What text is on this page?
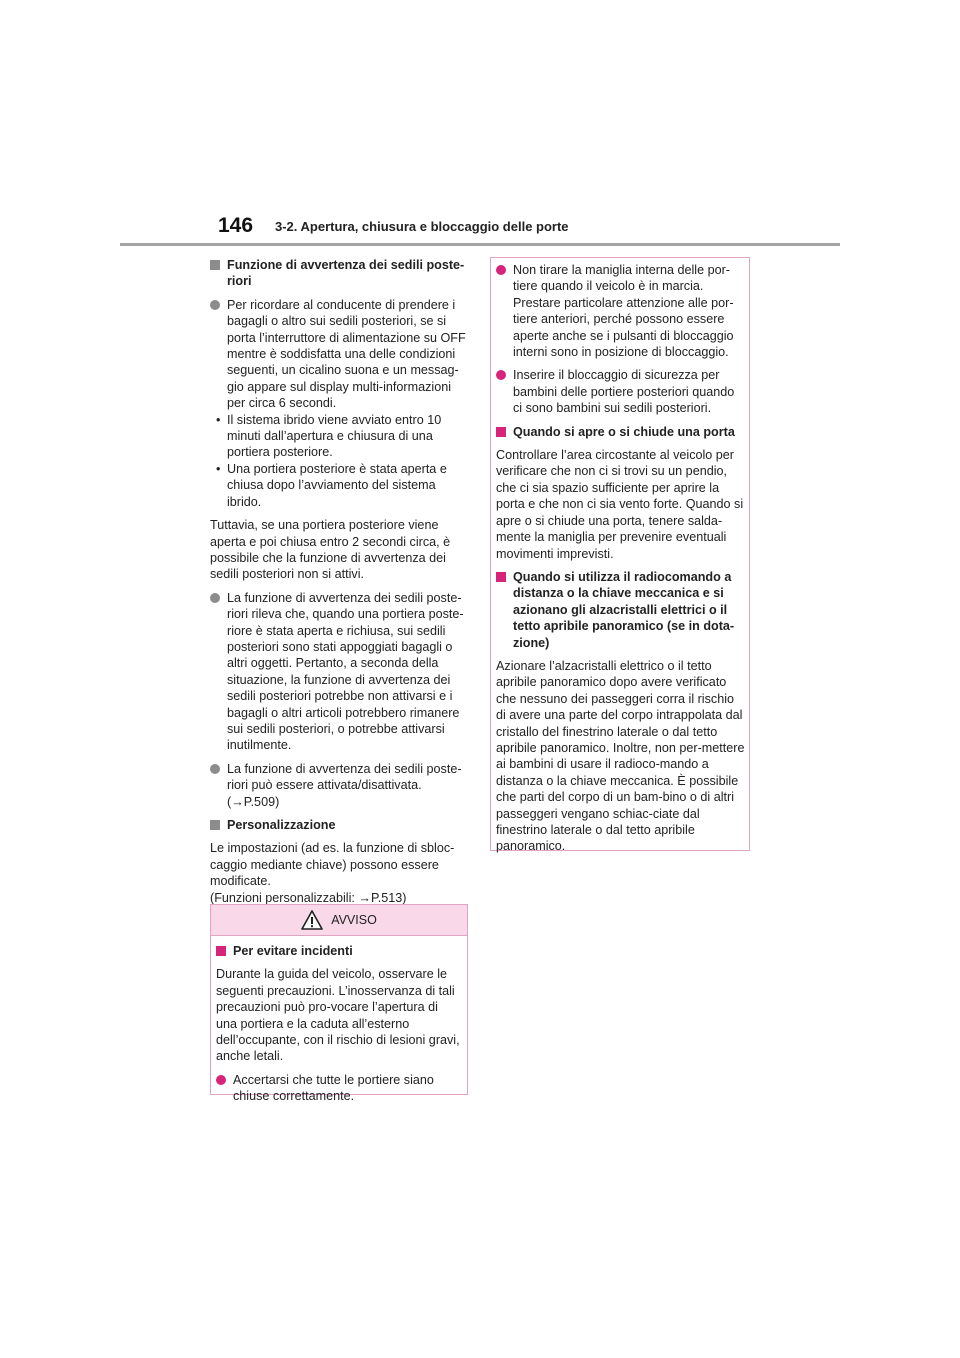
146 3-2. Apertura, chiusura e bloccaggio delle porte
Funzione di avvertenza dei sedili poste-riori
Per ricordare al conducente di prendere i bagagli o altro sui sedili posteriori, se si porta l’interruttore di alimentazione su OFF mentre è soddisfatta una delle condizioni seguenti, un cicalino suona e un messag-gio appare sul display multi-informazioni per circa 6 secondi.
• Il sistema ibrido viene avviato entro 10 minuti dall’apertura e chiusura di una portiera posteriore.
• Una portiera posteriore è stata aperta e chiusa dopo l’avviamento del sistema ibrido.
Tuttavia, se una portiera posteriore viene aperta e poi chiusa entro 2 secondi circa, è possibile che la funzione di avvertenza dei sedili posteriori non si attivi.
La funzione di avvertenza dei sedili poste-riori rileva che, quando una portiera poste-riore è stata aperta e richiusa, sui sedili posteriori sono stati appoggiati bagagli o altri oggetti. Pertanto, a seconda della situazione, la funzione di avvertenza dei sedili posteriori potrebbe non attivarsi e i bagagli o altri articoli potrebbero rimanere sui sedili posteriori, o potrebbe attivarsi inutilmente.
La funzione di avvertenza dei sedili poste-riori può essere attivata/disattivata. (→P.509)
Personalizzazione
Le impostazioni (ad es. la funzione di sbloc-caggio mediante chiave) possono essere modificate.
(Funzioni personalizzabili: →P.513)
AVVISO
Per evitare incidenti
Durante la guida del veicolo, osservare le seguenti precauzioni. L’inosservanza di tali precauzioni può pro-vocare l’apertura di una portiera e la caduta all’esterno dell’occupante, con il rischio di lesioni gravi, anche letali.
Accertarsi che tutte le portiere siano chiuse correttamente.
Non tirare la maniglia interna delle por-tiere quando il veicolo è in marcia. Prestare particolare attenzione alle por-tiere anteriori, perché possono essere aperte anche se i pulsanti di bloccaggio interni sono in posizione di bloccaggio.
Inserire il bloccaggio di sicurezza per bambini delle portiere posteriori quando ci sono bambini sui sedili posteriori.
Quando si apre o si chiude una porta
Controllare l’area circostante al veicolo per verificare che non ci si trovi su un pendio, che ci sia spazio sufficiente per aprire la porta e che non ci sia vento forte. Quando si apre o si chiude una porta, tenere salda-mente la maniglia per prevenire eventuali movimenti imprevisti.
Quando si utilizza il radiocomando a distanza o la chiave meccanica e si azionano gli alzacristalli elettrici o il tetto apribile panoramico (se in dota-zione)
Azionare l’alzacristalli elettrico o il tetto apribile panoramico dopo avere verificato che nessuno dei passeggeri corra il rischio di avere una parte del corpo intrappolata dal cristallo del finestrino laterale o dal tetto apribile panoramico. Inoltre, non per-mettere ai bambini di usare il radioco-mando a distanza o la chiave meccanica. È possibile che parti del corpo di un bam-bino o di altri passeggeri vengano schiac-ciate dal finestrino laterale o dal tetto apribile panoramico.
